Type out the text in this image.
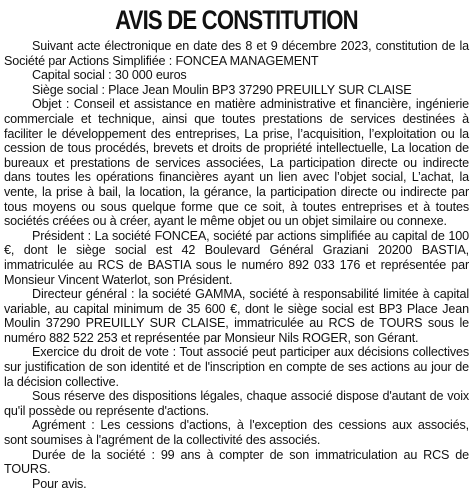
AVIS DE CONSTITUTION

Suivant acte électronique en date des 8 et 9 décembre 2023, constitution de la Société par Actions Simplifiée : FONCEA MANAGEMENT

Capital social : 30 000 euros

Siège social : Place Jean Moulin BP3 37290 PREUILLY SUR CLAISE

Objet : Conseil et assistance en matière administrative et financière, ingénierie commerciale et technique, ainsi que toutes prestations de services destinées à faciliter le développement des entreprises, La prise, l’acquisition, l’exploitation ou la cession de tous procédés, brevets et droits de propriété intellectuelle, La location de bureaux et prestations de services associées, La participation directe ou indirecte dans toutes les opérations financières ayant un lien avec l’objet social, L’achat, la vente, la prise à bail, la location, la gérance, la participation directe ou indirecte par tous moyens ou sous quelque forme que ce soit, à toutes entreprises et à toutes sociétés créées ou à créer, ayant le même objet ou un objet similaire ou connexe.

Président : La société FONCEA, société par actions simplifiée au capital de 100 €, dont le siège social est 42 Boulevard Général Graziani 20200 BASTIA, immatriculée au RCS de BASTIA sous le numéro 892 033 176 et représentée par Monsieur Vincent Waterlot, son Président.

Directeur général : la société GAMMA, société à responsabilité limitée à capital variable, au capital minimum de 35 600 €, dont le siège social est BP3 Place Jean Moulin 37290 PREUILLY SUR CLAISE, immatriculée au RCS de TOURS sous le numéro 882 522 253 et représentée par Monsieur Nils ROGER, son Gérant.

Exercice du droit de vote : Tout associé peut participer aux décisions collectives sur justification de son identité et de l'inscription en compte de ses actions au jour de la décision collective.

Sous réserve des dispositions légales, chaque associé dispose d'autant de voix qu'il possède ou représente d'actions.

Agrément : Les cessions d'actions, à l'exception des cessions aux associés, sont soumises à l'agrément de la collectivité des associés.

Durée de la société : 99 ans à compter de son immatriculation au RCS de TOURS.

Pour avis.
